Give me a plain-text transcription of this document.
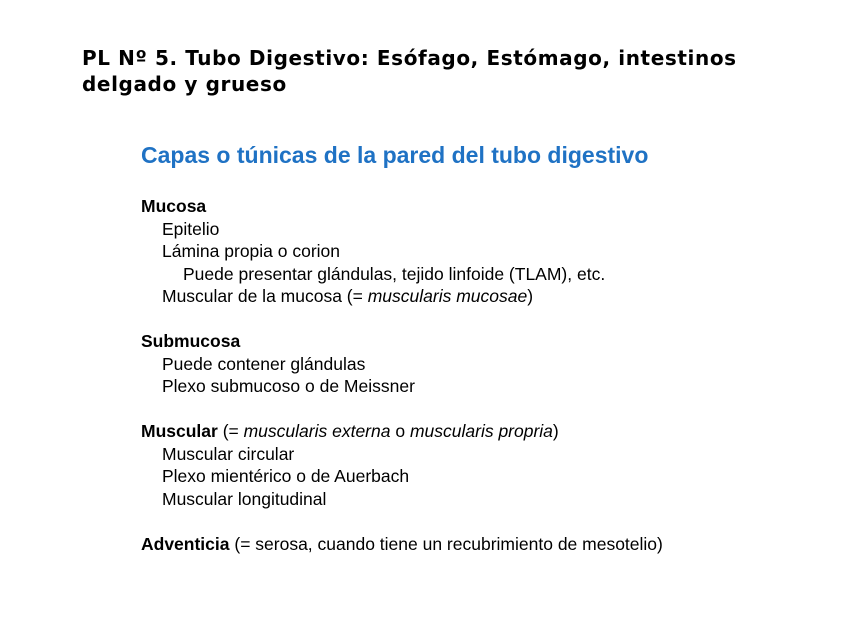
PL Nº 5. Tubo Digestivo: Esófago, Estómago, intestinos delgado y grueso
Capas o túnicas de la pared del tubo digestivo
Mucosa
Epitelio
Lámina propia o corion
Puede presentar glándulas, tejido linfoide (TLAM), etc.
Muscular de la mucosa (= muscularis mucosae)
Submucosa
Puede contener glándulas
Plexo submucoso o de Meissner
Muscular (= muscularis externa o muscularis propria)
Muscular circular
Plexo mientérico o de Auerbach
Muscular longitudinal
Adventicia (= serosa, cuando tiene un recubrimiento de mesotelio)
